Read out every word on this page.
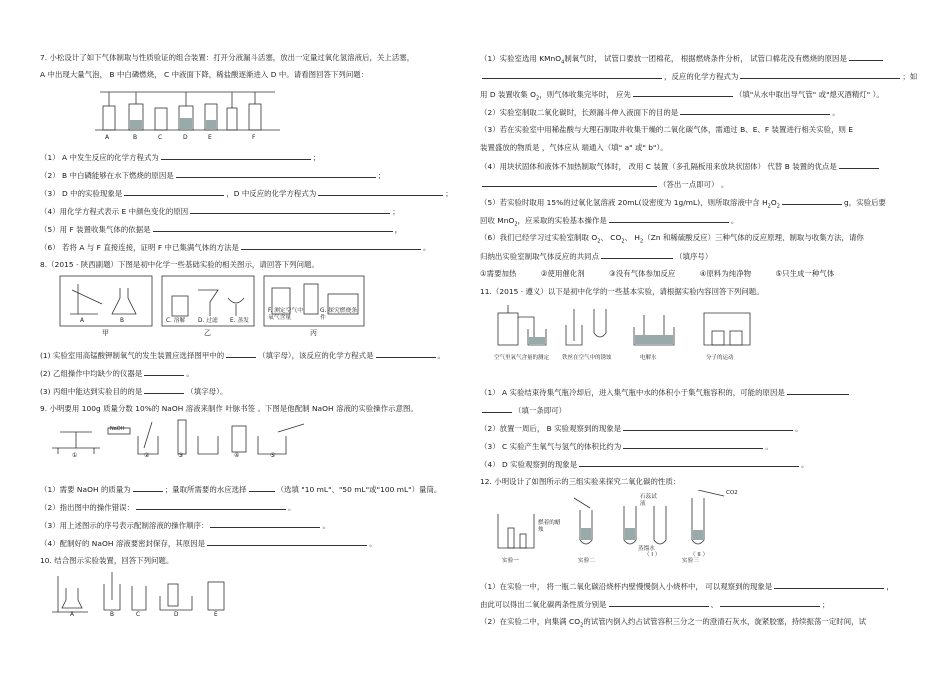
7. 小松设计了如下气体制取与性质验证的组合装置：打开分液漏斗活塞，放出一定量过氧化氢溶液后，关上活塞，
A 中出现大量气泡， B 中白磷燃烧， C 中液面下降，稀盐酸逐渐进入 D 中。请看图回答下列问题：
A	B	C	D	E	F
（1） A 中发生反应的化学方程式为	；
（2） B 中白磷能够在水下燃烧的原因是	；
（3） D 中的实验现象是	，D 中反应的化学方程式为	；
（4）用化学方程式表示 E 中颜色变化的原因	；
（5）用 F 装置收集气体的依据是	，
（6） 若将 A 与 F 直接连接，证明 F 中已集满气体的方法是	。
8.（2015 · 陕西副题）下图是初中化学一些基础实验的相关图示，请回答下列问题。
A	B	C. 溶解 D. 过滤 E. 蒸发
F. 测定空气中氧气含量
G. 探究燃烧条件
甲	乙	丙
(1) 实验室用高锰酸钾制氧气的发生装置应选择图甲中的	（填字母），该反应的化学方程式是	。
(2) 乙组操作中均缺少的仪器是	。
(3) 丙组中能达到实验目的的是	（填字母）。
9. 小明要用 100g 质量分数 10%的 NaOH 溶液来制作 叶脉书签 。下图是他配制 NaOH 溶液的实验操作示意图。
①	②	③	④	⑤
NaOH
（1）需要 NaOH 的质量为	；量取所需要的水应选择	（选填 "10 mL"、"50 mL"或"100 mL"）量筒。
（2）指出图中的操作错误：	。
（3）用上述图示的序号表示配制溶液的操作顺序：	。
（4）配制好的 NaOH 溶液要密封保存，其原因是	。
10. 结合图示实验装置，回答下列问题。
A	B	C	D	E
（1）实验室选用 KMnO$_4$制氧气时， 试管口要放一团棉花， 根据燃烧条件分析， 试管口棉花没有燃烧的原因是
，反应的化学方程式为	；如
用 D 装置收集 $O_2$，则气体收集完毕时， 应先	（填"从水中取出导气管" 或"熄灭酒精灯" ）。
（2）实验室制取二氧化碳时，长颈漏斗伸入液面下的目的是	。
（3）若在实验室中用稀盐酸与大理石制取并收集干燥的二氧化碳气体，需通过 B、E、F 装置进行相关实验，则 E
装置盛放的物质是 ，气体应从 端通入（填" a" 或" b"）。
（4）用块状固体和液体不加热制取气体时， 改用 C 装置（多孔隔板用来放块状固体） 代替 B 装置的优点是
（答出一点即可） 。
（5）若实验时取用 15%的过氧化氢溶液 20mL(设密度为 1g/mL)，则所取溶液中含 $H_2O_2$	g，实验后要
回收 MnO$_2$，应采取的实验基本操作是	。
（6）我们已经学习过实验室制取 $O_2$、 $CO_2$、 $H_2(Zn$ 和稀硫酸反应）三种气体的反应原理、制取与收集方法，请你
归纳出实验室制取气体反应的共同点	（填序号）
①需要加热	②使用催化剂	③没有气体参加反应	④原料为纯净物	⑤只生成一种气体
11.（2015 · 遵义）以下是初中化学的一些基本实验，请根据实验内容回答下列问题。
空气里氧气含量的测定 铁丝在空气中的锈蚀	电解水	分子的运动
（1） A 实验结束待集气瓶冷却后，进入集气瓶中水的体积小于集气瓶容积的，可能的原因是
（填一条即可）
（2）放置一周后， B 实验观察到的现象是	。
（3） C 实验产生氧气与氢气的体积比约为	。
（4） D 实验观察到的现象是	。
12. 小明设计了如图所示的三组实验来探究二氧化碳的性质：
燃着的蜡烛
实验一	实验二	实验三
石蕊试液
蒸馏水
（ I ）	（ II ）
CO2
（1）在实验一中， 将一瓶二氧化碳沿烧杯内壁慢慢倒入小烧杯中， 可以观察到的现象是	，
由此可以得出二氧化碳两条性质分别是	、	；
（2）在实验二中，向集满 $CO_2$的试管内倒入约占试管容积三分之一的澄清石灰水，旋紧胶塞，持续振荡一定时间，试
